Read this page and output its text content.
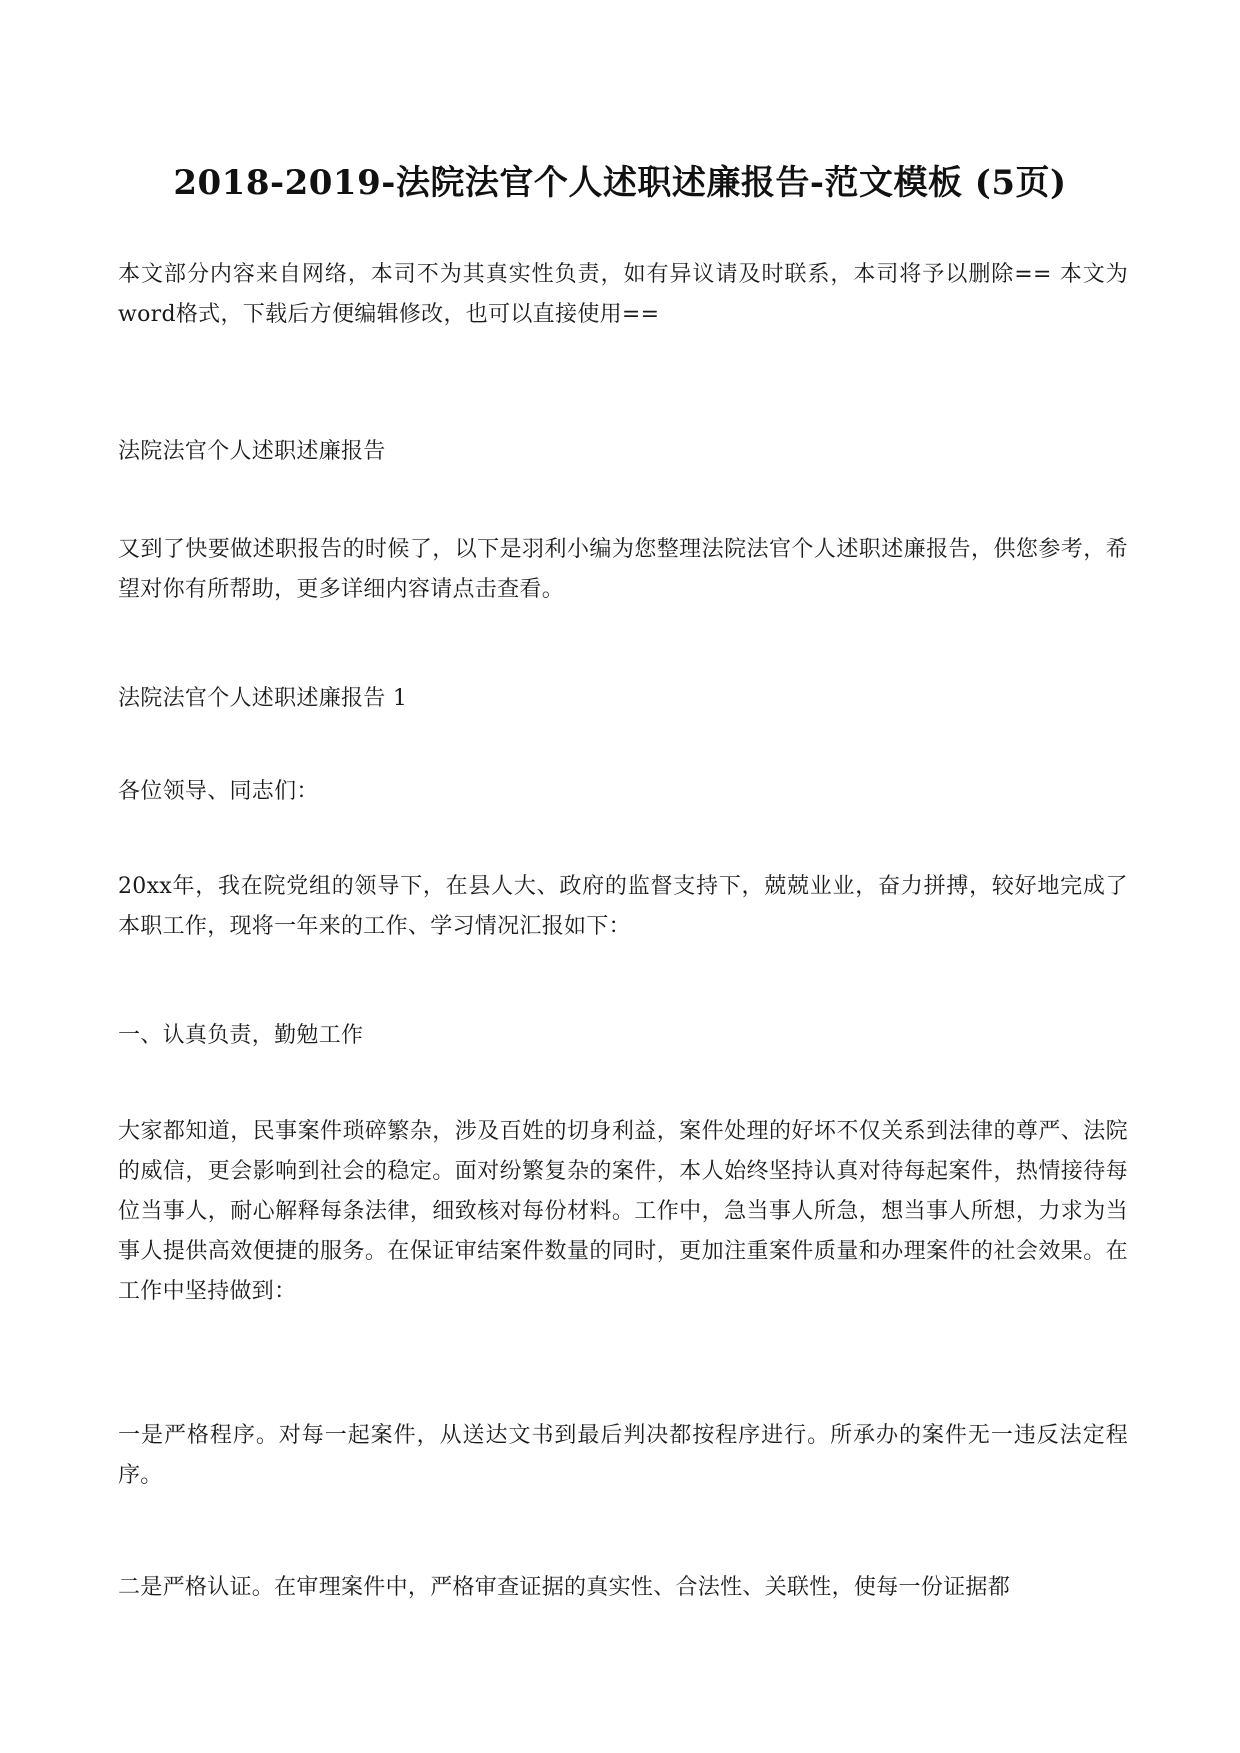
2018-2019-法院法官个人述职述廉报告-范文模板 (5页)

本文部分内容来自网络，本司不为其真实性负责，如有异议请及时联系，本司将予以删除== 本文为word格式，下载后方便编辑修改，也可以直接使用==

法院法官个人述职述廉报告

又到了快要做述职报告的时候了，以下是羽利小编为您整理法院法官个人述职述廉报告，供您参考，希望对你有所帮助，更多详细内容请点击查看。

法院法官个人述职述廉报告 1

各位领导、同志们：

20xx年，我在院党组的领导下，在县人大、政府的监督支持下，兢兢业业，奋力拼搏，较好地完成了本职工作，现将一年来的工作、学习情况汇报如下：

一、认真负责，勤勉工作

大家都知道，民事案件琐碎繁杂，涉及百姓的切身利益，案件处理的好坏不仅关系到法律的尊严、法院的威信，更会影响到社会的稳定。面对纷繁复杂的案件，本人始终坚持认真对待每起案件，热情接待每位当事人，耐心解释每条法律，细致核对每份材料。工作中，急当事人所急，想当事人所想，力求为当事人提供高效便捷的服务。在保证审结案件数量的同时，更加注重案件质量和办理案件的社会效果。在工作中坚持做到：

一是严格程序。对每一起案件，从送达文书到最后判决都按程序进行。所承办的案件无一违反法定程序。

二是严格认证。在审理案件中，严格审查证据的真实性、合法性、关联性，使每一份证据都
